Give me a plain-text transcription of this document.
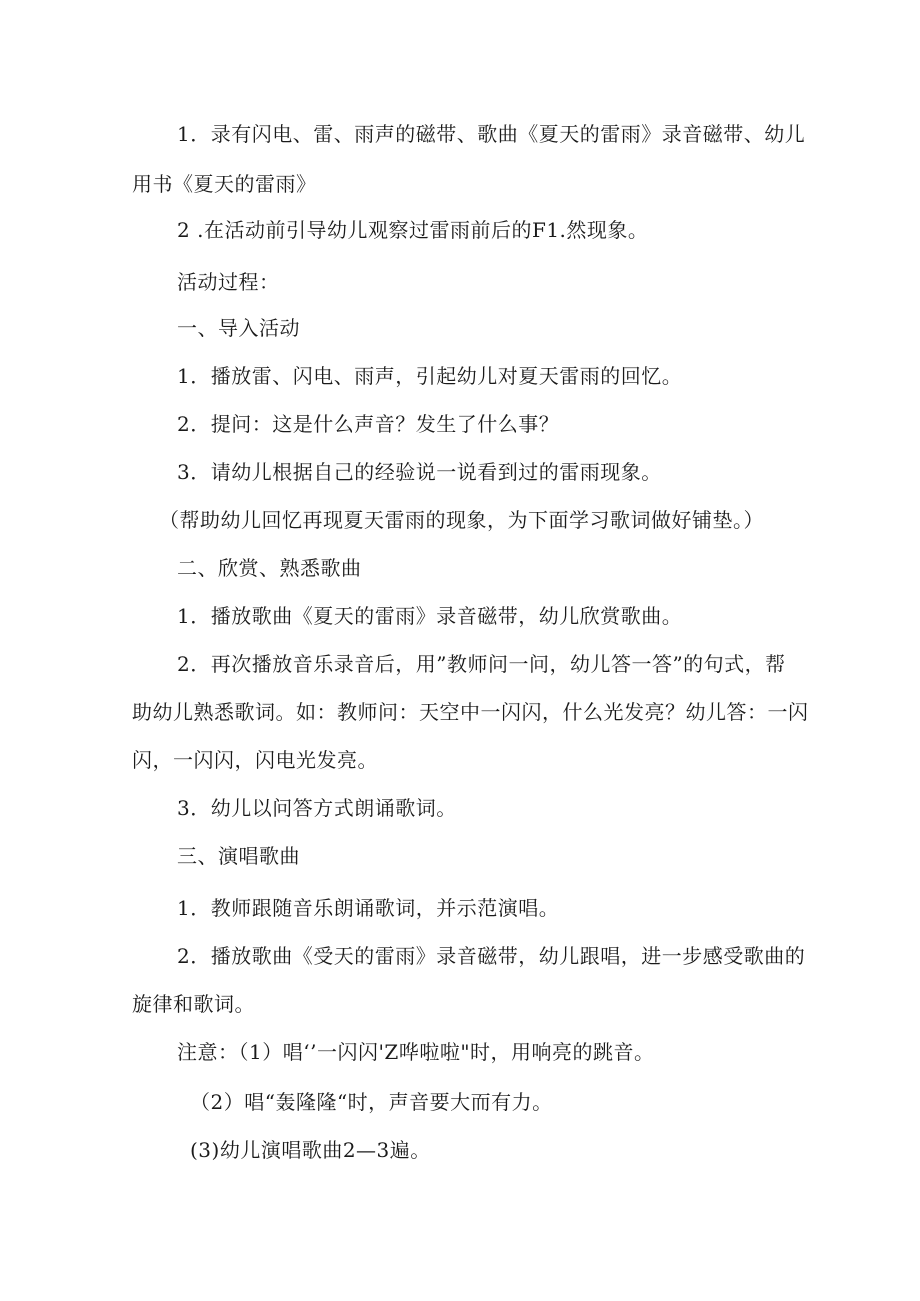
1．录有闪电、雷、雨声的磁带、歌曲《夏天的雷雨》录音磁带、幼儿

用书《夏天的雷雨》

2 .在活动前引导幼儿观察过雷雨前后的F1.然现象。

活动过程：

一、导入活动

1．播放雷、闪电、雨声，引起幼儿对夏天雷雨的回忆。

2．提问：这是什么声音？发生了什么事？

3．请幼儿根据自己的经验说一说看到过的雷雨现象。

（帮助幼儿回忆再现夏天雷雨的现象，为下面学习歌词做好铺垫。）

二、欣赏、熟悉歌曲

1．播放歌曲《夏天的雷雨》录音磁带，幼儿欣赏歌曲。

2．再次播放音乐录音后，用”教师问一问，幼儿答一答”的句式，帮

助幼儿熟悉歌词。如：教师问：天空中一闪闪，什么光发亮？幼儿答：一闪

闪，一闪闪，闪电光发亮。

3．幼儿以问答方式朗诵歌词。

三、演唱歌曲

1．教师跟随音乐朗诵歌词，并示范演唱。

2．播放歌曲《受天的雷雨》录音磁带，幼儿跟唱，进一步感受歌曲的

旋律和歌词。

注意：（1）唱‘’一闪闪'Z哗啦啦"时，用响亮的跳音。

（2）唱“轰隆隆“时，声音要大而有力。

(3)幼儿演唱歌曲2—3遍。
